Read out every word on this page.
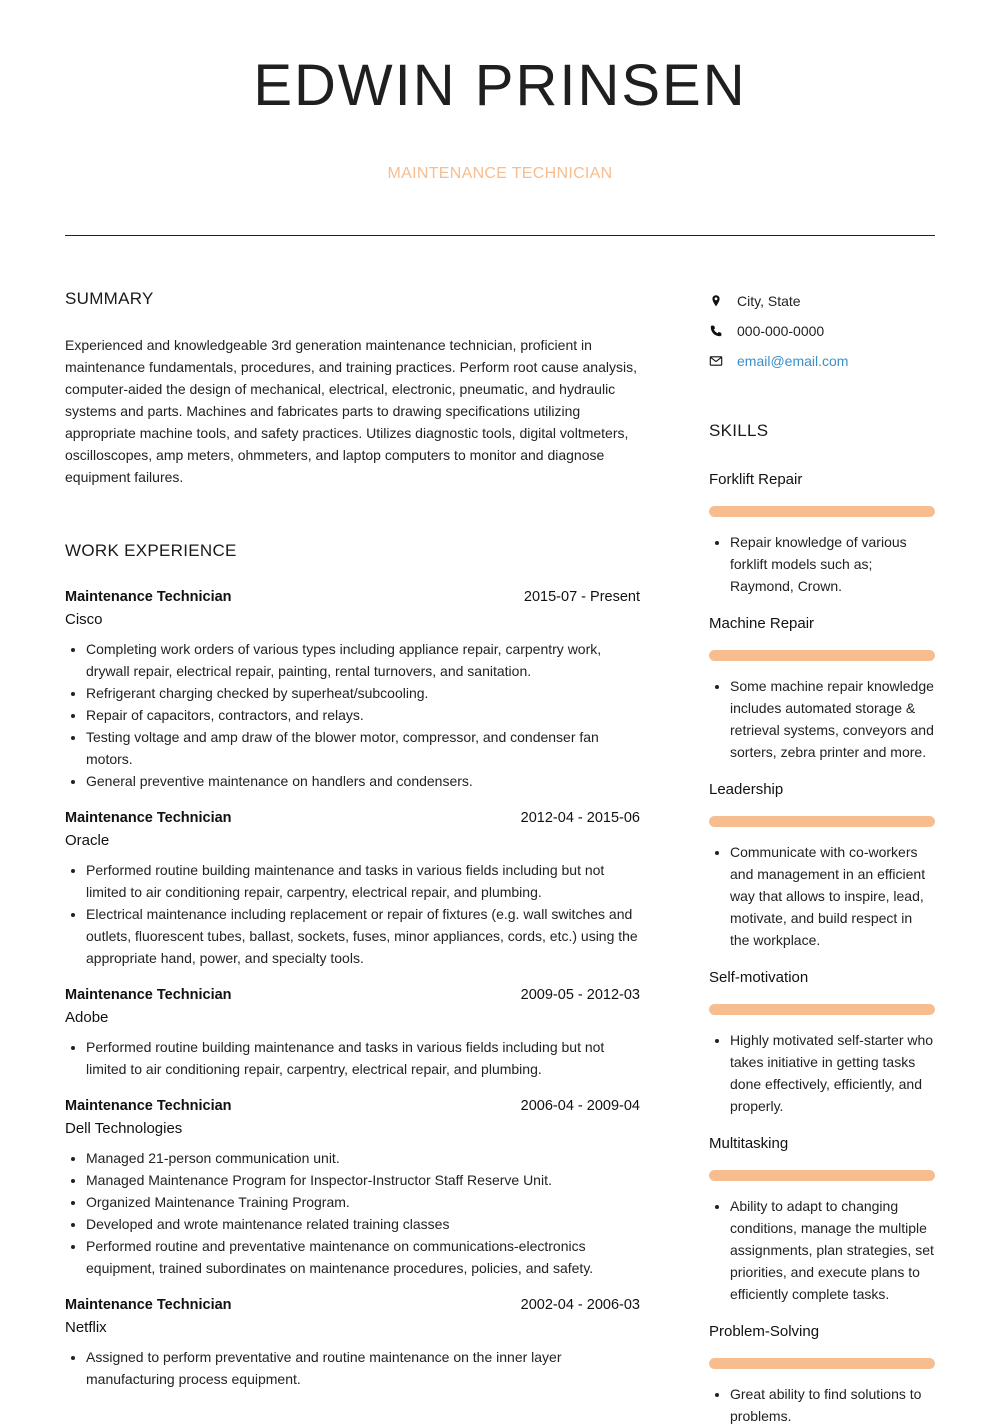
EDWIN PRINSEN
MAINTENANCE TECHNICIAN
SUMMARY

Experienced and knowledgeable 3rd generation maintenance technician, proficient in maintenance fundamentals, procedures, and training practices. Perform root cause analysis, computer-aided the design of mechanical, electrical, electronic, pneumatic, and hydraulic systems and parts. Machines and fabricates parts to drawing specifications utilizing appropriate machine tools, and safety practices. Utilizes diagnostic tools, digital voltmeters, oscilloscopes, amp meters, ohmmeters, and laptop computers to monitor and diagnose equipment failures.

WORK EXPERIENCE
Maintenance Technician	2015-07 - Present
Cisco
• Completing work orders of various types including appliance repair, carpentry work, drywall repair, electrical repair, painting, rental turnovers, and sanitation.
• Refrigerant charging checked by superheat/subcooling.
• Repair of capacitors, contractors, and relays.
• Testing voltage and amp draw of the blower motor, compressor, and condenser fan motors.
• General preventive maintenance on handlers and condensers.
Maintenance Technician	2012-04 - 2015-06
Oracle
• Performed routine building maintenance and tasks in various fields including but not limited to air conditioning repair, carpentry, electrical repair, and plumbing.
• Electrical maintenance including replacement or repair of fixtures (e.g. wall switches and outlets, fluorescent tubes, ballast, sockets, fuses, minor appliances, cords, etc.) using the appropriate hand, power, and specialty tools.
Maintenance Technician	2009-05 - 2012-03
Adobe
• Performed routine building maintenance and tasks in various fields including but not limited to air conditioning repair, carpentry, electrical repair, and plumbing.
Maintenance Technician	2006-04 - 2009-04
Dell Technologies
• Managed 21-person communication unit.
• Managed Maintenance Program for Inspector-Instructor Staff Reserve Unit.
• Organized Maintenance Training Program.
• Developed and wrote maintenance related training classes
• Performed routine and preventative maintenance on communications-electronics equipment, trained subordinates on maintenance procedures, policies, and safety.
Maintenance Technician	2002-04 - 2006-03
Netflix
• Assigned to perform preventative and routine maintenance on the inner layer manufacturing process equipment.
City, State
000-000-0000
email@email.com
SKILLS
Forklift Repair
• Repair knowledge of various forklift models such as; Raymond, Crown.
Machine Repair
• Some machine repair knowledge includes automated storage & retrieval systems, conveyors and sorters, zebra printer and more.
Leadership
• Communicate with co-workers and management in an efficient way that allows to inspire, lead, motivate, and build respect in the workplace.
Self-motivation
• Highly motivated self-starter who takes initiative in getting tasks done effectively, efficiently, and properly.
Multitasking
• Ability to adapt to changing conditions, manage the multiple assignments, plan strategies, set priorities, and execute plans to efficiently complete tasks.
Problem-Solving
• Great ability to find solutions to problems.
